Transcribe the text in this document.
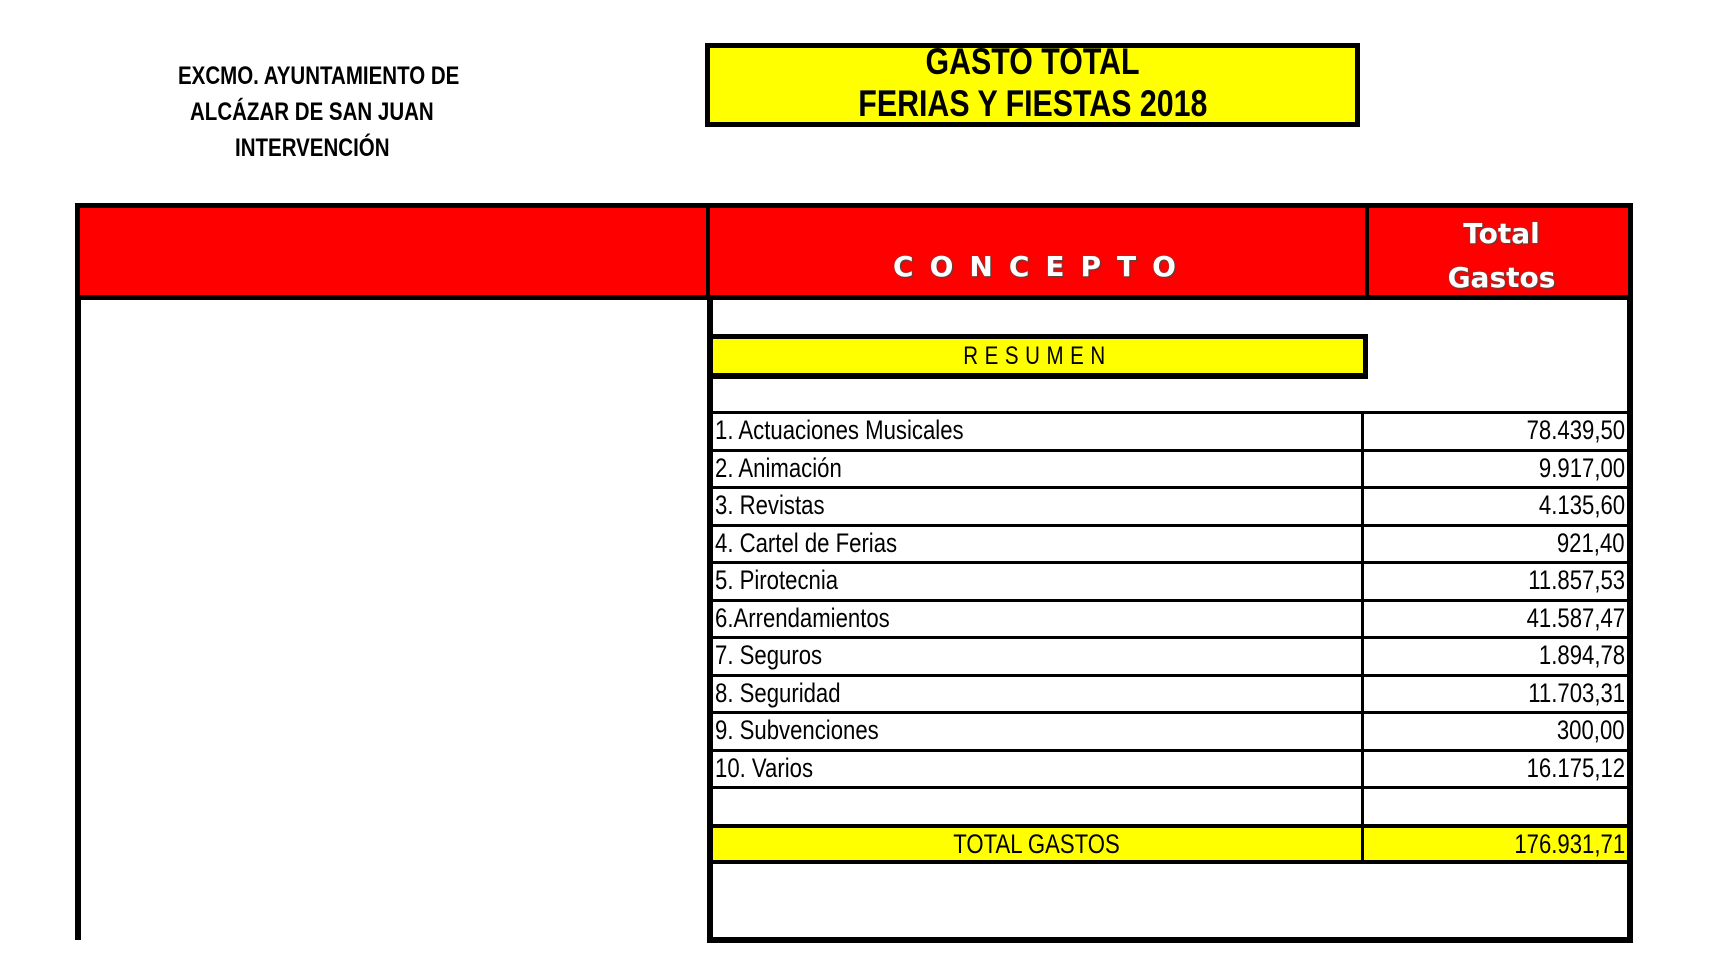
EXCMO. AYUNTAMIENTO DE
ALCÁZAR DE SAN JUAN
INTERVENCIÓN
GASTO TOTAL
FERIAS Y FIESTAS 2018
CONCEPTO
Total
Gastos
RESUMEN
1. Actuaciones Musicales	78.439,50
2. Animación	9.917,00
3. Revistas	4.135,60
4. Cartel de Ferias	921,40
5. Pirotecnia	11.857,53
6.Arrendamientos	41.587,47
7. Seguros	1.894,78
8. Seguridad	11.703,31
9. Subvenciones	300,00
10. Varios	16.175,12
TOTAL GASTOS	176.931,71
